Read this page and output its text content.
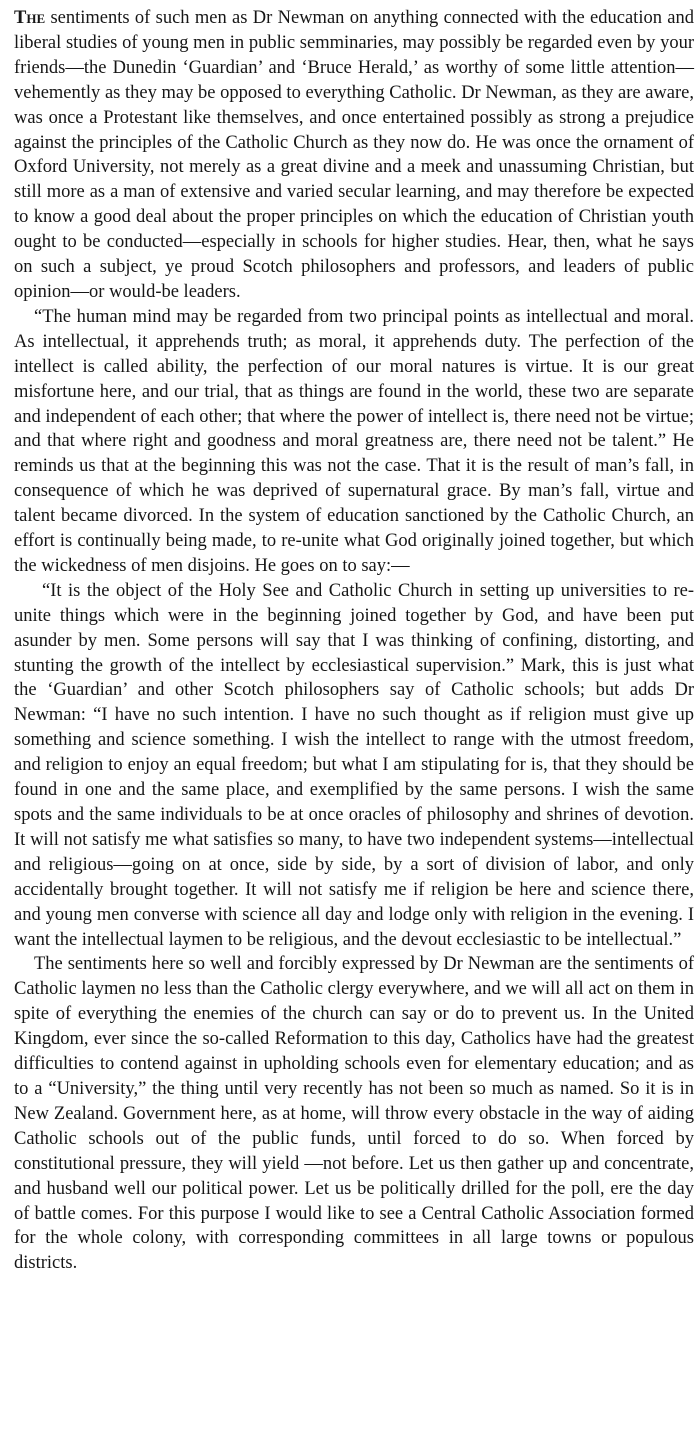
The sentiments of such men as Dr Newman on anything connected with the education and liberal studies of young men in public semminaries, may possibly be regarded even by your friends—the Dunedin ‘Guardian’ and ‘Bruce Herald,’ as worthy of some little attention—vehemently as they may be opposed to everything Catholic. Dr Newman, as they are aware, was once a Protestant like themselves, and once entertained possibly as strong a prejudice against the principles of the Catholic Church as they now do. He was once the ornament of Oxford University, not merely as a great divine and a meek and unassuming Christian, but still more as a man of extensive and varied secular learning, and may therefore be expected to know a good deal about the proper principles on which the education of Christian youth ought to be conducted—especially in schools for higher studies. Hear, then, what he says on such a subject, ye proud Scotch philosophers and professors, and leaders of public opinion—or would-be leaders.

“The human mind may be regarded from two principal points as intellectual and moral. As intellectual, it apprehends truth; as moral, it apprehends duty. The perfection of the intellect is called ability, the perfection of our moral natures is virtue. It is our great misfortune here, and our trial, that as things are found in the world, these two are separate and independent of each other; that where the power of intellect is, there need not be virtue; and that where right and goodness and moral greatness are, there need not be talent.” He reminds us that at the beginning this was not the case. That it is the result of man’s fall, in consequence of which he was deprived of supernatural grace. By man’s fall, virtue and talent became divorced. In the system of education sanctioned by the Catholic Church, an effort is continually being made, to re-unite what God originally joined together, but which the wickedness of men disjoins. He goes on to say:—

“It is the object of the Holy See and Catholic Church in setting up universities to re-unite things which were in the beginning joined together by God, and have been put asunder by men. Some persons will say that I was thinking of confining, distorting, and stunting the growth of the intellect by ecclesiastical supervision.” Mark, this is just what the ‘Guardian’ and other Scotch philosophers say of Catholic schools; but adds Dr Newman: “I have no such intention. I have no such thought as if religion must give up something and science something. I wish the intellect to range with the utmost freedom, and religion to enjoy an equal freedom; but what I am stipulating for is, that they should be found in one and the same place, and exemplified by the same persons. I wish the same spots and the same individuals to be at once oracles of philosophy and shrines of devotion. It will not satisfy me what satisfies so many, to have two independent systems—intellectual and religious—going on at once, side by side, by a sort of division of labor, and only accidentally brought together. It will not satisfy me if religion be here and science there, and young men converse with science all day and lodge only with religion in the evening. I want the intellectual laymen to be religious, and the devout ecclesiastic to be intellectual.”

The sentiments here so well and forcibly expressed by Dr Newman are the sentiments of Catholic laymen no less than the Catholic clergy everywhere, and we will all act on them in spite of everything the enemies of the church can say or do to prevent us. In the United Kingdom, ever since the so-called Reformation to this day, Catholics have had the greatest difficulties to contend against in upholding schools even for elementary education; and as to a “University,” the thing until very recently has not been so much as named. So it is in New Zealand. Government here, as at home, will throw every obstacle in the way of aiding Catholic schools out of the public funds, until forced to do so. When forced by constitutional pressure, they will yield —not before. Let us then gather up and concentrate, and husband well our political power. Let us be politically drilled for the poll, ere the day of battle comes. For this purpose I would like to see a Central Catholic Association formed for the whole colony, with corresponding committees in all large towns or populous districts.
